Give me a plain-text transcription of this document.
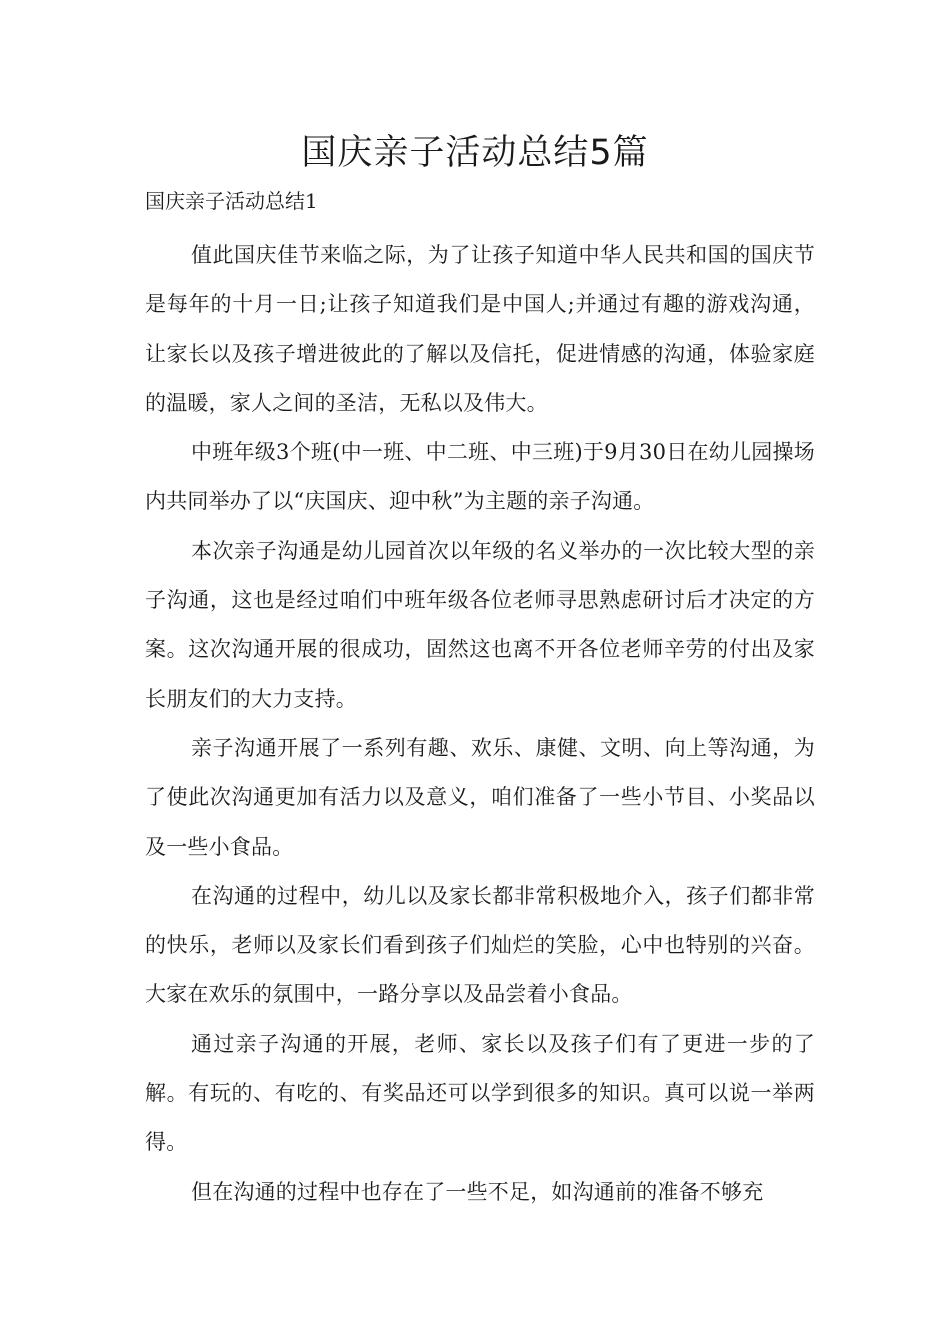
国庆亲子活动总结5篇
国庆亲子活动总结1

值此国庆佳节来临之际，为了让孩子知道中华人民共和国的国庆节是每年的十月一日;让孩子知道我们是中国人;并通过有趣的游戏沟通，让家长以及孩子增进彼此的了解以及信托，促进情感的沟通，体验家庭的温暖，家人之间的圣洁，无私以及伟大。

中班年级3个班(中一班、中二班、中三班)于9月30日在幼儿园操场内共同举办了以“庆国庆、迎中秋”为主题的亲子沟通。

本次亲子沟通是幼儿园首次以年级的名义举办的一次比较大型的亲子沟通，这也是经过咱们中班年级各位老师寻思熟虑研讨后才决定的方案。这次沟通开展的很成功，固然这也离不开各位老师辛劳的付出及家长朋友们的大力支持。

亲子沟通开展了一系列有趣、欢乐、康健、文明、向上等沟通，为了使此次沟通更加有活力以及意义，咱们准备了一些小节目、小奖品以及一些小食品。

在沟通的过程中，幼儿以及家长都非常积极地介入，孩子们都非常的快乐，老师以及家长们看到孩子们灿烂的笑脸，心中也特别的兴奋。大家在欢乐的氛围中，一路分享以及品尝着小食品。

通过亲子沟通的开展，老师、家长以及孩子们有了更进一步的了解。有玩的、有吃的、有奖品还可以学到很多的知识。真可以说一举两得。

但在沟通的过程中也存在了一些不足，如沟通前的准备不够充
